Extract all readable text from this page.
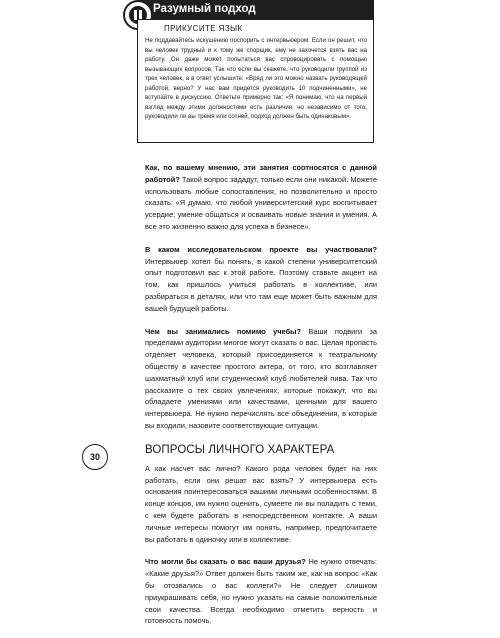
Разумный подход
ПРИКУСИТЕ ЯЗЫК
Не поддавайтесь искушению поспорить с интервьюером. Если он решит, что вы человек трудный и к тому же спорщик, ему не захочется взять вас на работу. Он даже может попытаться вас спровоцировать с помощью вызывающих вопросов. Так что если вы скажете, что руководили группой из трех человек, а в ответ услышите: «Вряд ли это можно назвать руководящей работой, верно? У нас вам придется руководить 10 подчиненными», не вступайте в дискуссию. Ответьте примерно так: «Я понимаю, что на первый взгляд между этими должностями есть различия, но независимо от того, руководили ли вы тремя или сотней, подход должен быть одинаковым».

Как, по вашему мнению, эти занятия соотносятся с данной работой? Такой вопрос зададут, только если они никакой. Можете использовать любые сопоставления, но позволительно и просто сказать: «Я думаю, что любой университетский курс воспитывает усердие, умение общаться и осваивать новые знания и умения. А все это жизненно важно для успеха в бизнесе».

В каком исследовательском проекте вы участвовали? Интервьюер хотел бы понять, в какой степени университетский опыт подготовил вас к этой работе. Поэтому ставьте акцент на том, как пришлось учиться работать в коллективе, или разбираться в деталях, или что там еще может быть важным для вашей будущей работы.

Чем вы занимались помимо учебы? Ваши подвиги за пределами аудитории многое могут сказать о вас. Целая пропасть отделяет человека, который присоединяется к театральному обществу в качестве простого актера, от того, кто возглавляет шахматный клуб или студенческий клуб любителей пива. Так что рассказите о тех своих увлечениях, которые покажут, что вы обладаете умениями или качествами, ценными для вашего интервьюера. Не нужно перечислять все объединения, в которые вы входили, назовите соответствующие ситуации.

ВОПРОСЫ ЛИЧНОГО ХАРАКТЕРА

А как насчет вас лично? Какого рода человек будет на них работать, если они решат вас взять? У интервьюера есть основания поинтересоваться вашими личными особенностями. В конце концов, им нужно оценить, сумеете ли вы поладить с теми, с кем будете работать в непосредственном контакте. А ваши личные интересы помогут им понять, например, предпочитаете вы работать в одиночку или в коллективе.

Что могли бы сказать о вас ваши друзья? Не нужно отвечать: «Какие друзья?» Ответ должен быть таким же, как на вопрос «Как бы отозвались о вас коллеги?» Не следует слишком приукрашивать себя, но нужно указать на самые положительные свои качества. Всегда необходимо отметить верность и готовность помочь.

30
